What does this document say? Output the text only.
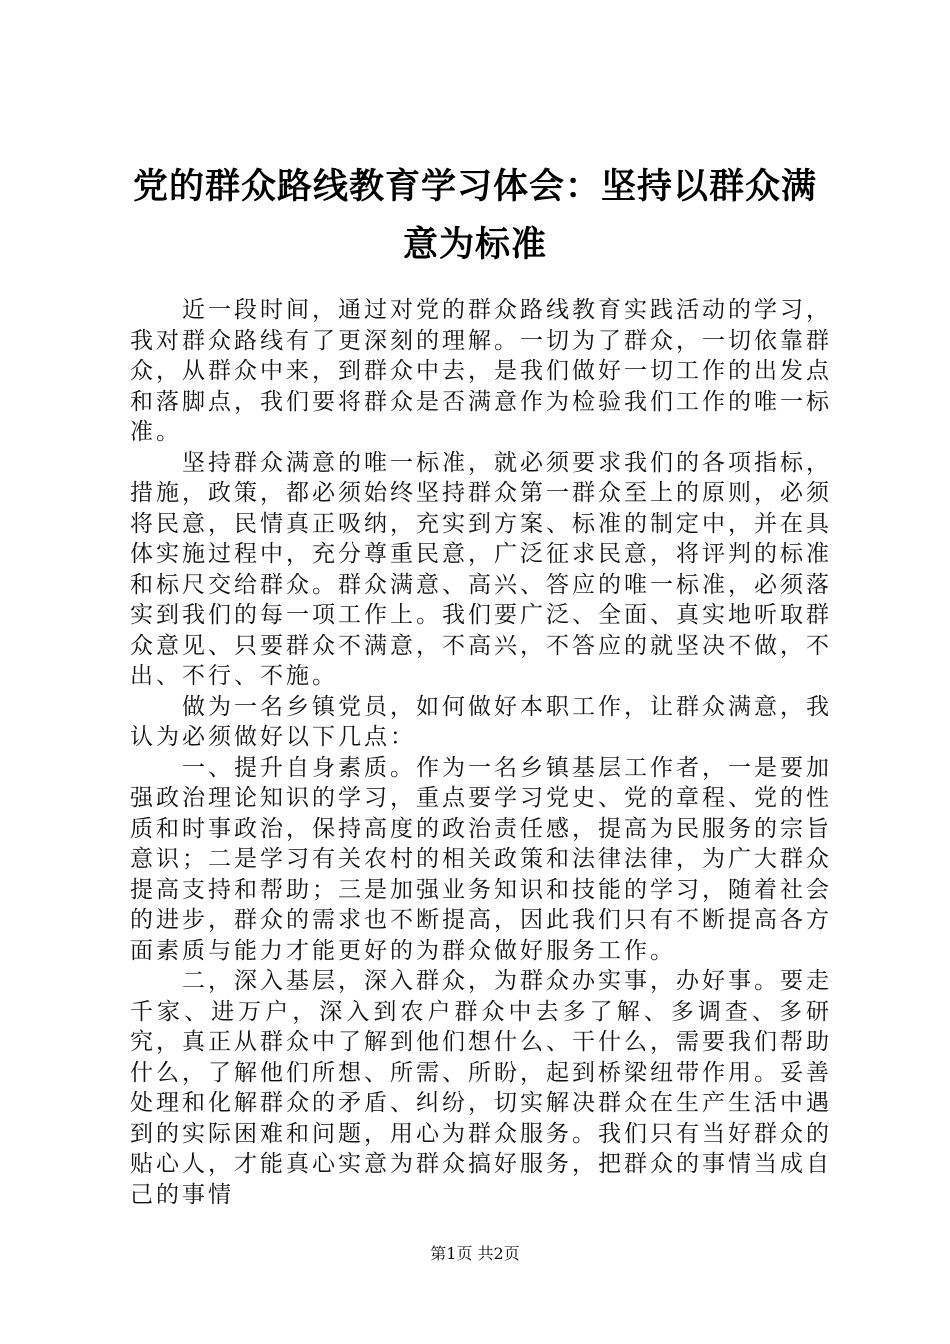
党的群众路线教育学习体会：坚持以群众满意为标准

近一段时间，通过对党的群众路线教育实践活动的学习，我对群众路线有了更深刻的理解。一切为了群众，一切依靠群众，从群众中来，到群众中去，是我们做好一切工作的出发点和落脚点，我们要将群众是否满意作为检验我们工作的唯一标准。

坚持群众满意的唯一标准，就必须要求我们的各项指标，措施，政策，都必须始终坚持群众第一群众至上的原则，必须将民意，民情真正吸纳，充实到方案、标准的制定中，并在具体实施过程中，充分尊重民意，广泛征求民意，将评判的标准和标尺交给群众。群众满意、高兴、答应的唯一标准，必须落实到我们的每一项工作上。我们要广泛、全面、真实地听取群众意见、只要群众不满意，不高兴，不答应的就坚决不做，不出、不行、不施。

做为一名乡镇党员，如何做好本职工作，让群众满意，我认为必须做好以下几点：

一、提升自身素质。作为一名乡镇基层工作者，一是要加强政治理论知识的学习，重点要学习党史、党的章程、党的性质和时事政治，保持高度的政治责任感，提高为民服务的宗旨意识；二是学习有关农村的相关政策和法律法律，为广大群众提高支持和帮助；三是加强业务知识和技能的学习，随着社会的进步，群众的需求也不断提高，因此我们只有不断提高各方面素质与能力才能更好的为群众做好服务工作。

二，深入基层，深入群众，为群众办实事，办好事。要走千家、进万户，深入到农户群众中去多了解、多调查、多研究，真正从群众中了解到他们想什么、干什么，需要我们帮助什么，了解他们所想、所需、所盼，起到桥梁纽带作用。妥善处理和化解群众的矛盾、纠纷，切实解决群众在生产生活中遇到的实际困难和问题，用心为群众服务。我们只有当好群众的贴心人，才能真心实意为群众搞好服务，把群众的事情当成自己的事情

第1页 共2页
